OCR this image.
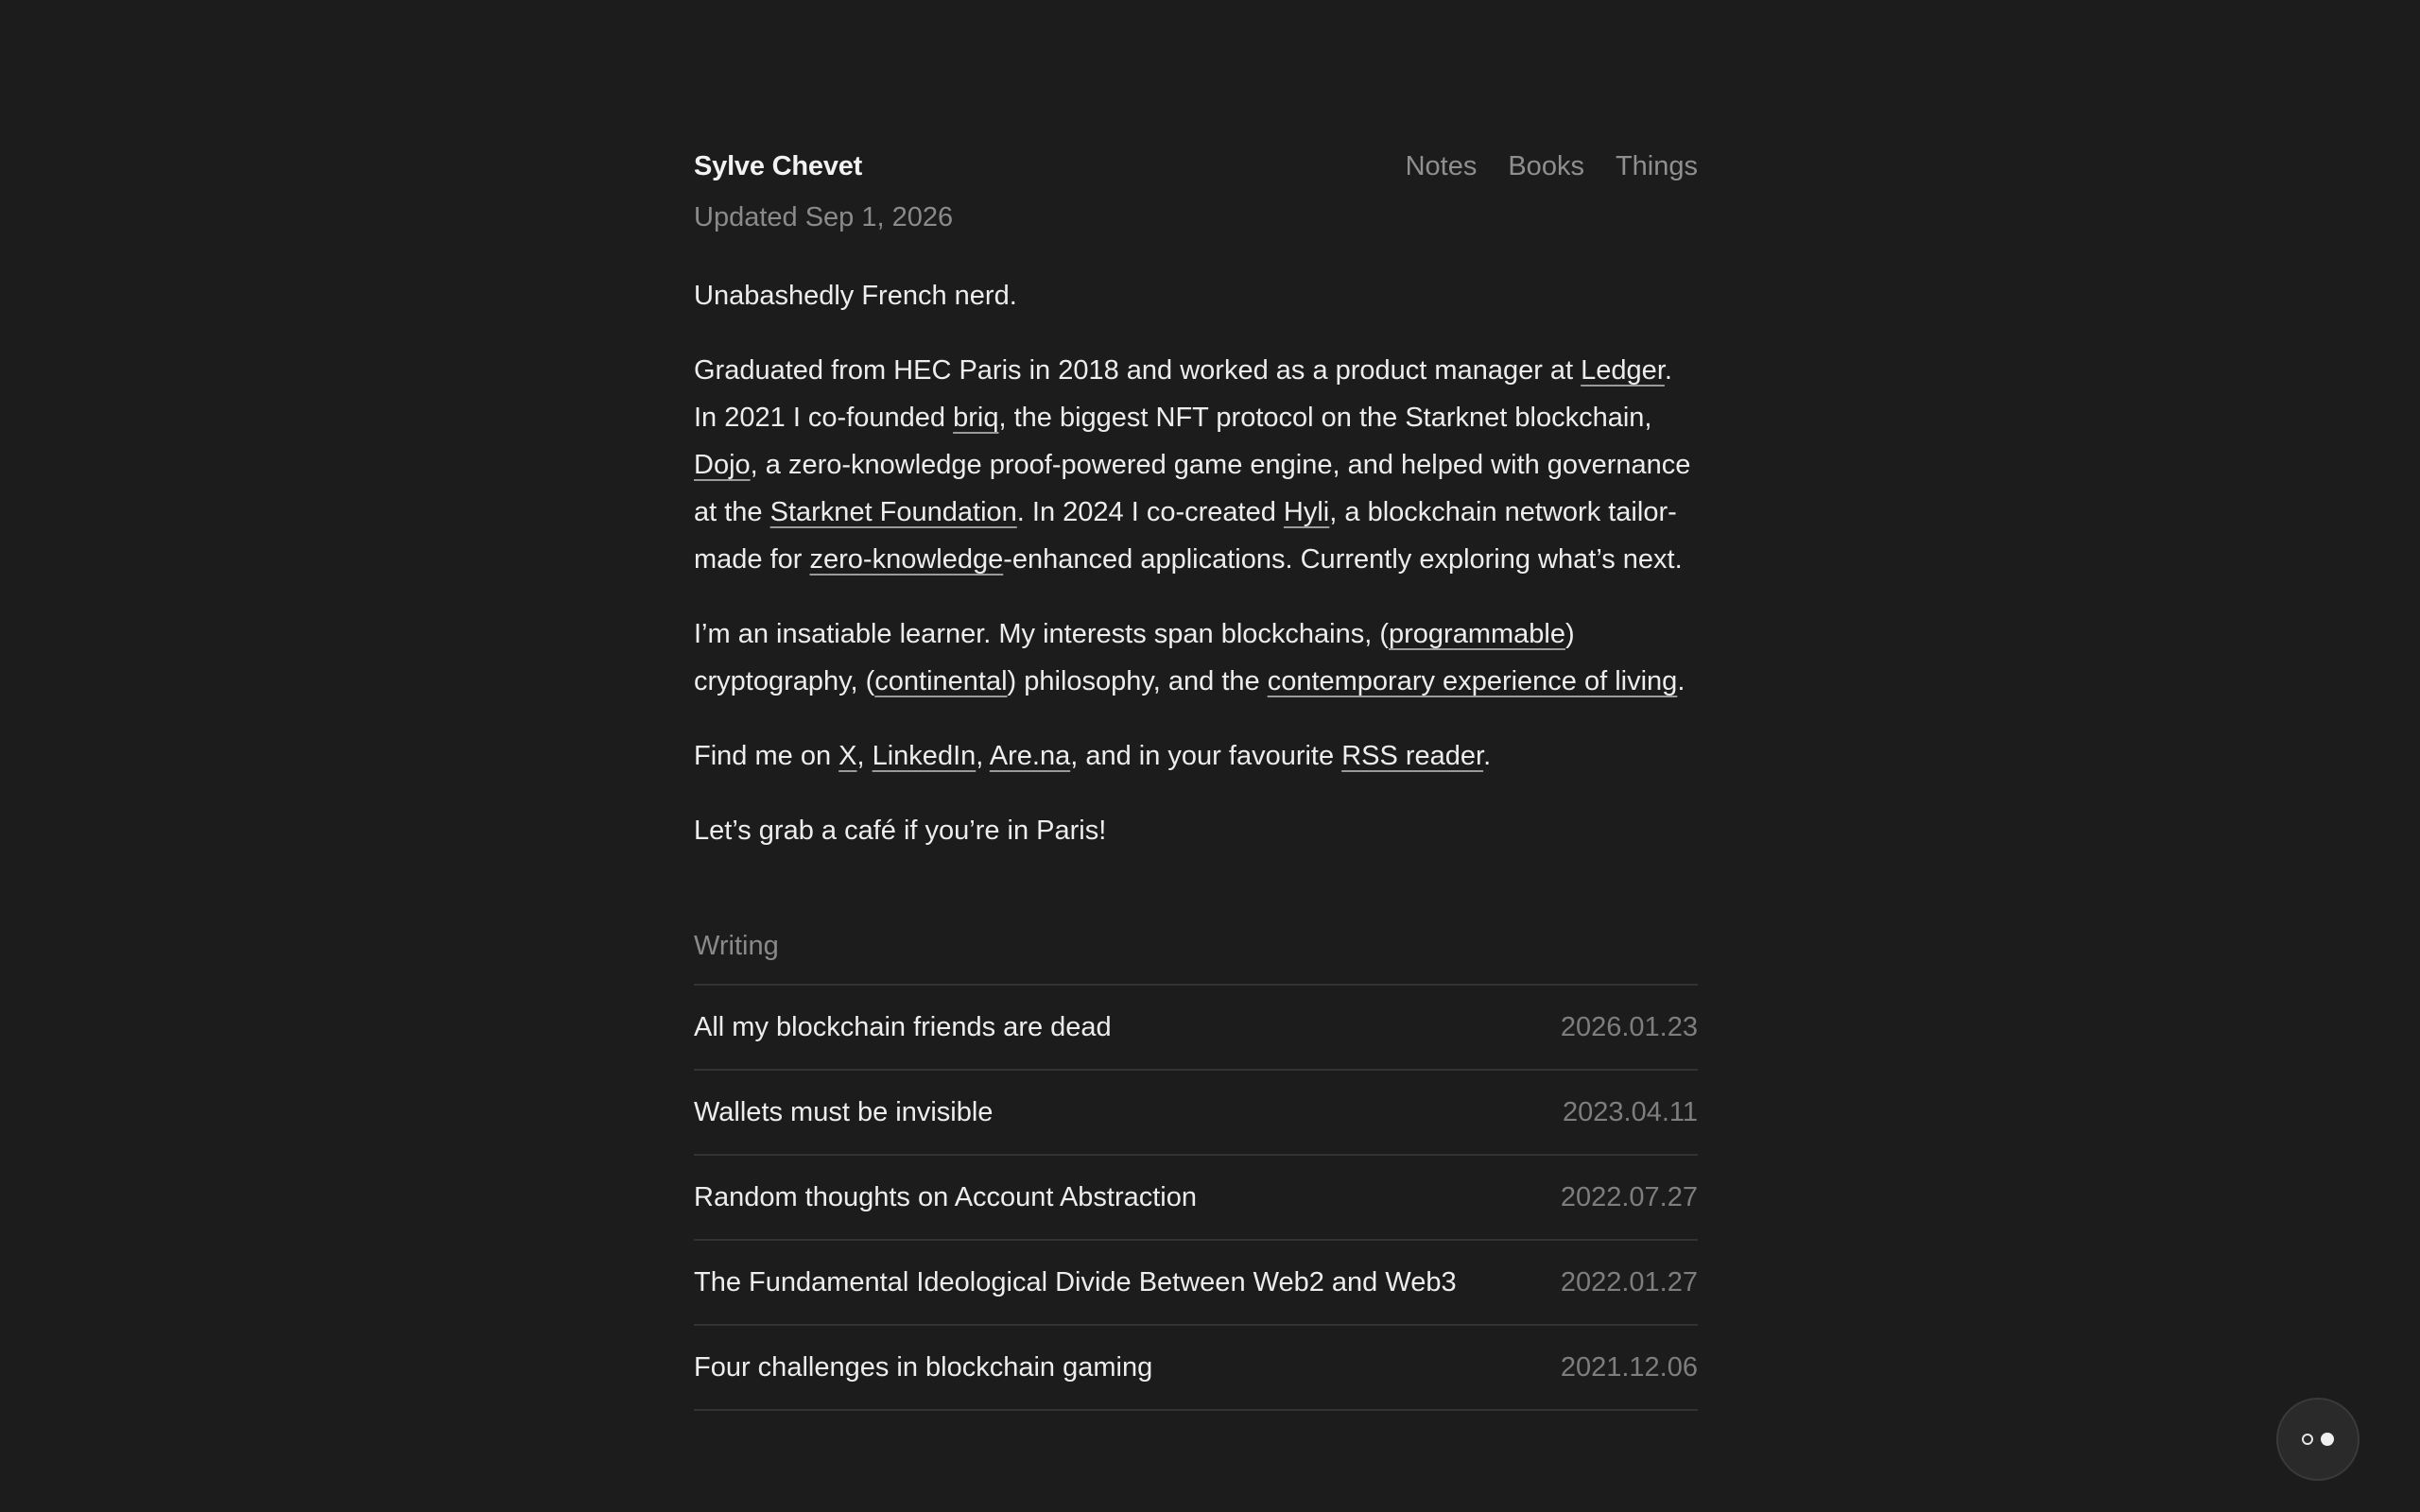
Sylve Chevet	Notes Books Things
Updated Sep 1, 2026

Unabashedly French nerd.

Graduated from HEC Paris in 2018 and worked as a product manager at Ledger. In 2021 I co-founded briq, the biggest NFT protocol on the Starknet blockchain, Dojo, a zero-knowledge proof-powered game engine, and helped with governance at the Starknet Foundation. In 2024 I co-created Hyli, a blockchain network tailor-made for zero-knowledge-enhanced applications. Currently exploring what’s next.

I’m an insatiable learner. My interests span blockchains, (programmable) cryptography, (continental) philosophy, and the contemporary experience of living.

Find me on X, LinkedIn, Are.na, and in your favourite RSS reader.

Let’s grab a café if you’re in Paris!

Writing
All my blockchain friends are dead	2026.01.23
Wallets must be invisible	2023.04.11
Random thoughts on Account Abstraction	2022.07.27
The Fundamental Ideological Divide Between Web2 and Web3	2022.01.27
Four challenges in blockchain gaming	2021.12.06
